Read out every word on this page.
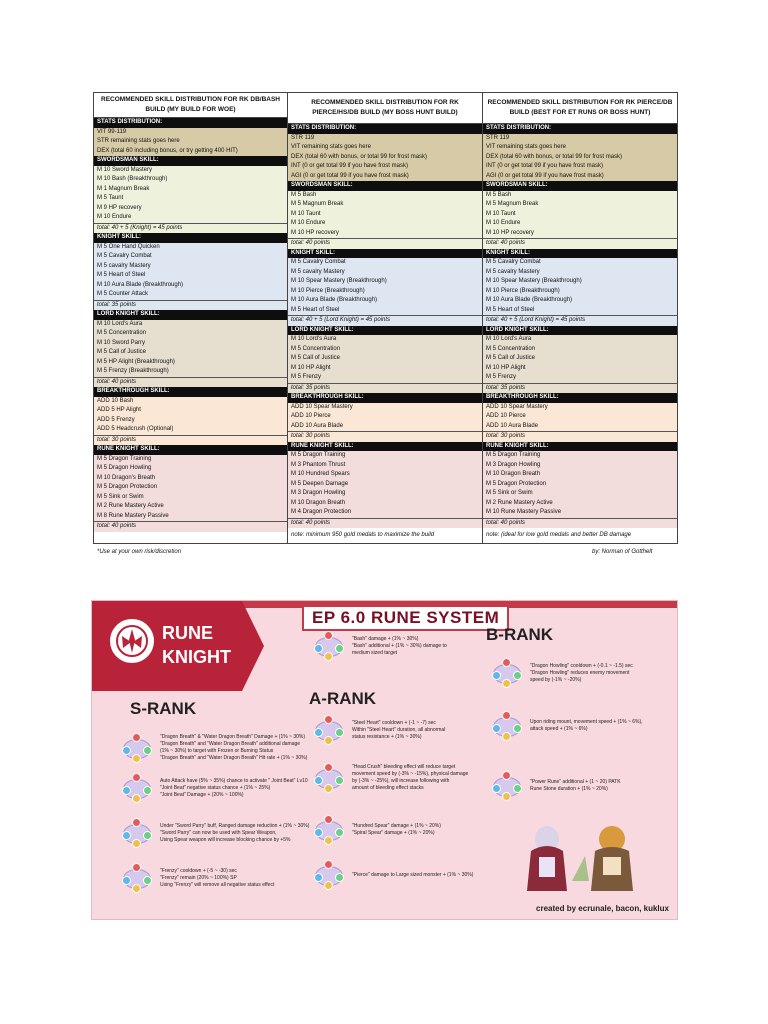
RECOMMENDED SKILL DISTRIBUTION FOR RK DB/BASH BUILD (MY BUILD FOR WOE)
STATS DISTRIBUTION:
VIT 99-119
STR remaining stats goes here
DEX (total 60 including bonus, or try getting 400 HIT)
SWORDSMAN SKILL:
M 10 Sword Mastery
M 10 Bash (Breakthrough)
M 1 Magnum Break
M 5 Taunt
M 9 HP recovery
M 10 Endure
total: 40 + 5 (Knight) = 45 points
KNIGHT SKILL:
M 5 One Hand Quicken
M 5 Cavalry Combat
M 5 cavalry Mastery
M 5 Heart of Steel
M 10 Aura Blade (Breakthrough)
M 5 Counter Attack
total: 35 points
LORD KNIGHT SKILL:
M 10 Lord's Aura
M 5 Concentration
M 10 Sword Parry
M 5 Call of Justice
M 5 HP Alight (Breakthrough)
M 5 Frenzy (Breakthrough)
total: 40 points
BREAKTHROUGH SKILL:
ADD 10 Bash
ADD 5 HP Alight
ADD 5 Frenzy
ADD 5 Headcrush (Optional)
total: 30 points
RUNE KNIGHT SKILL:
M 5 Dragon Training
M 5 Dragon Howling
M 10 Dragon's Breath
M 5 Dragon Protection
M 5 Sink or Swim
M 2 Rune Mastery Active
M 8 Rune Mastery Passive
total: 40 points
RECOMMENDED SKILL DISTRIBUTION FOR RK PIERCE/HS/DB BUILD (MY BOSS HUNT BUILD)
STATS DISTRIBUTION:
STR 119
VIT remaining stats goes here
DEX (total 60 with bonus, or total 99 for frost mask)
INT (0 or get total 99 if you have frost mask)
AGI (0 or get total 99 if you have frost mask)
SWORDSMAN SKILL:
M 5 Bash
M 5 Magnum Break
M 10 Taunt
M 10 Endure
M 10 HP recovery
total: 40 points
KNIGHT SKILL:
M 5 Cavalry Combat
M 5 cavalry Mastery
M 10 Spear Mastery (Breakthrough)
M 10 Pierce (Breakthrough)
M 10 Aura Blade (Breakthrough)
M 5 Heart of Steel
total: 40 + 5 (Lord Knight) = 45 points
LORD KNIGHT SKILL:
M 10 Lord's Aura
M 5 Concentration
M 5 Call of Justice
M 10 HP Alight
M 5 Frenzy
total: 35 points
BREAKTHROUGH SKILL:
ADD 10 Spear Mastery
ADD 10 Pierce
ADD 10 Aura Blade
total: 30 points
RUNE KNIGHT SKILL:
M 5 Dragon Training
M 3 Phantom Thrust
M 10 Hundred Spears
M 5 Deepen Damage
M 3 Dragon Howling
M 10 Dragon Breath
M 4 Dragon Protection
total: 40 points
note: minimum 950 gold medals to maximize the build
RECOMMENDED SKILL DISTRIBUTION FOR RK PIERCE/DB BUILD (BEST FOR ET RUNS OR BOSS HUNT)
STATS DISTRIBUTION:
STR 119
VIT remaining stats goes here
DEX (total 60 with bonus, or total 99 for frost mask)
INT (0 or get total 99 if you have frost mask)
AGI (0 or get total 99 if you have frost mask)
SWORDSMAN SKILL:
M 5 Bash
M 5 Magnum Break
M 10 Taunt
M 10 Endure
M 10 HP recovery
total: 40 points
KNIGHT SKILL:
M 5 Cavalry Combat
M 5 cavalry Mastery
M 10 Spear Mastery (Breakthrough)
M 10 Pierce (Breakthrough)
M 10 Aura Blade (Breakthrough)
M 5 Heart of Steel
total: 40 + 5 (Lord Knight) = 45 points
LORD KNIGHT SKILL:
M 10 Lord's Aura
M 5 Concentration
M 5 Call of Justice
M 10 HP Alight
M 5 Frenzy
total: 35 points
BREAKTHROUGH SKILL:
ADD 10 Spear Mastery
ADD 10 Pierce
ADD 10 Aura Blade
total: 30 points
RUNE KNIGHT SKILL:
M 5 Dragon Training
M 3 Dragon Howling
M 10 Dragon Breath
M 5 Dragon Protection
M 5 Sink or Swim
M 2 Rune Mastery Active
M 10 Rune Mastery Passive
total: 40 points
note: (ideal for low gold medals and better DB damage
*Use at your own risk/discretion	by: Norman of Gotthelt
RUNE
KNIGHT
EP 6.0 RUNE SYSTEM
S-RANK
A-RANK
B-RANK
"Dragon Breath" & "Water Dragon Breath" Damage + (1% ~ 30%)
"Dragon Breath" and "Water Dragon Breath" additional damage
(1% ~ 30%) to target with Frozen or Burning Status
"Dragon Breath" and "Water Dragon Breath" Hit rate + (1% ~ 30%)
Auto Attack have (5% ~ 35%) chance to activate " Joint Beat" Lv10
"Joint Beat" negative status chance + (1% ~ 25%)
"Joint Beat" Damage + (20% ~ 100%)
Under "Sword Parry" buff, Ranged damage reduction + (1% ~ 30%)
"Sword Parry" can now be used with Spear Weapon,
Using Spear weapon will increase blocking chance by +5%
"Frenzy" cooldown + (-5 ~ -30) sec
"Frenzy" remain (20% ~ 100%) SP
Using "Frenzy" will remove all negative status effect
"Steel Heart" cooldown + (-1 ~ -7) sec
Within "Steel Heart" duration, all abnormal
status resistance + (1% ~ 30%)
"Head Crush" bleeding effect will reduce target
movement speed by (-3% ~ -15%), physical damage
by (-3% ~ -25%), will increase following with
amount of bleeding effect stacks
"Hundred Spear" damage + (1% ~ 20%)
"Spiral Spear" damage + (1% ~ 20%)
"Pierce" damage to Large sized monster + (1% ~ 30%)
"Dragon Howling" cooldown + (-0.1 ~ -1.5) sec
"Dragon Howling" reduces enemy movement
speed by (-1% ~ -20%)
Upon riding mount, movement speed + (1% ~ 6%),
attack speed + (1% ~ 6%)
"Power Rune" additional + (1 ~ 20) PATK
Rune Stone duration + (1% ~ 20%)
"Bash" damage + (1% ~ 30%)
"Bash" additional + (1% ~ 30%) damage to
medium sized target
created by ecrunale, bacon, kuklux
